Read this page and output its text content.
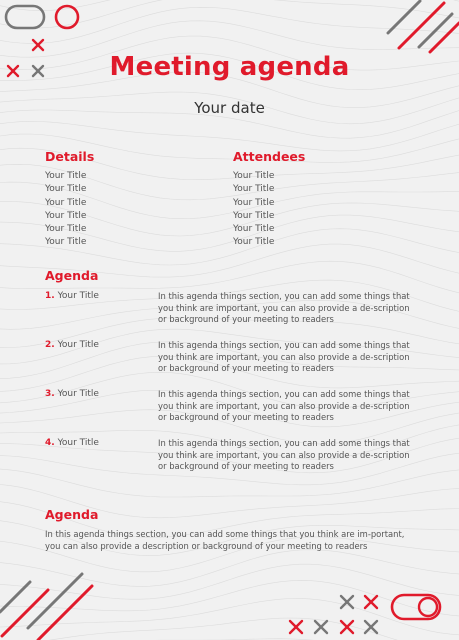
Meeting agenda
Your date
Details
Your Title
Your Title
Your Title
Your Title
Your Title
Your Title
Attendees
Your Title
Your Title
Your Title
Your Title
Your Title
Your Title
Agenda
1. Your Title	In this agenda things section, you can add some things that you think are important, you can also provide a de-scription or background of your meeting to readers
2. Your Title	In this agenda things section, you can add some things that you think are important, you can also provide a de-scription or background of your meeting to readers
3. Your Title	In this agenda things section, you can add some things that you think are important, you can also provide a de-scription or background of your meeting to readers
4. Your Title	In this agenda things section, you can add some things that you think are important, you can also provide a de-scription or background of your meeting to readers
Agenda
In this agenda things section, you can add some things that you think are im-portant, you can also provide a description or background of your meeting to readers
